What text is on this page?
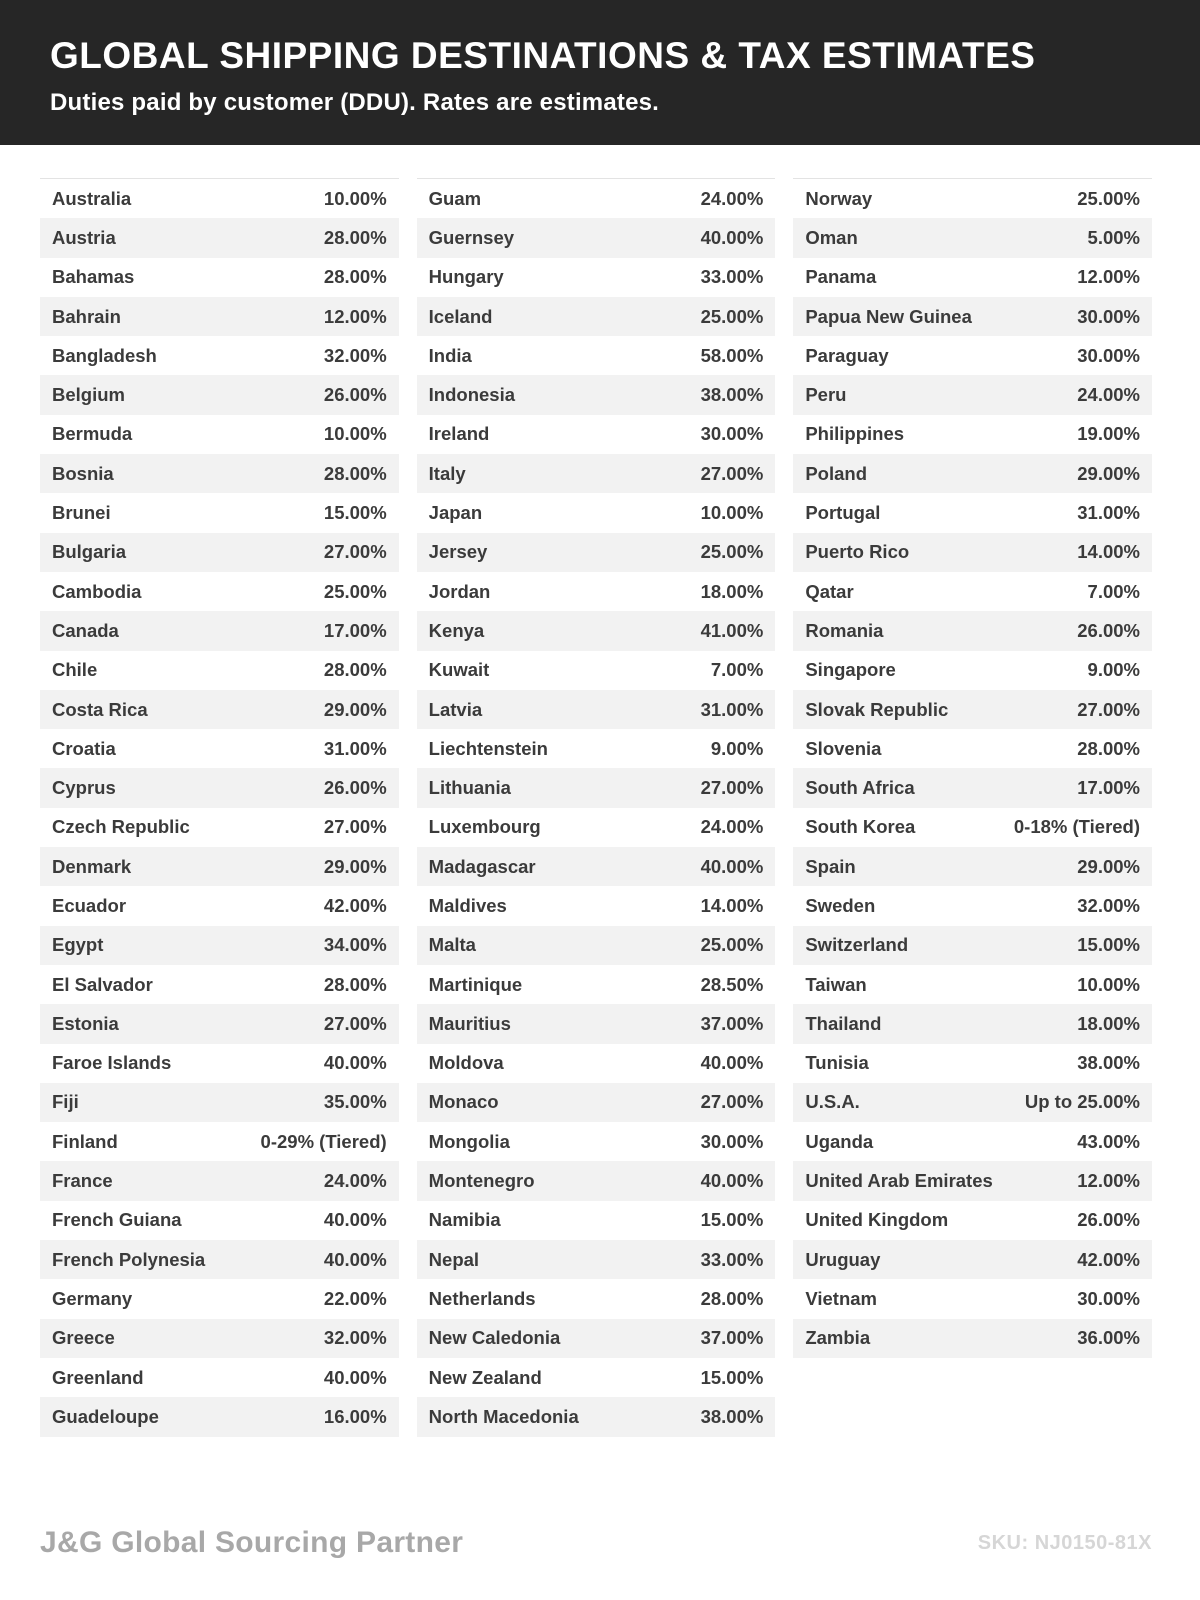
GLOBAL SHIPPING DESTINATIONS & TAX ESTIMATES

Duties paid by customer (DDU). Rates are estimates.

Australia	10.00%
Austria	28.00%
Bahamas	28.00%
Bahrain	12.00%
Bangladesh	32.00%
Belgium	26.00%
Bermuda	10.00%
Bosnia	28.00%
Brunei	15.00%
Bulgaria	27.00%
Cambodia	25.00%
Canada	17.00%
Chile	28.00%
Costa Rica	29.00%
Croatia	31.00%
Cyprus	26.00%
Czech Republic	27.00%
Denmark	29.00%
Ecuador	42.00%
Egypt	34.00%
El Salvador	28.00%
Estonia	27.00%
Faroe Islands	40.00%
Fiji	35.00%
Finland	0-29% (Tiered)
France	24.00%
French Guiana	40.00%
French Polynesia	40.00%
Germany	22.00%
Greece	32.00%
Greenland	40.00%
Guadeloupe	16.00%
Guam	24.00%
Guernsey	40.00%
Hungary	33.00%
Iceland	25.00%
India	58.00%
Indonesia	38.00%
Ireland	30.00%
Italy	27.00%
Japan	10.00%
Jersey	25.00%
Jordan	18.00%
Kenya	41.00%
Kuwait	7.00%
Latvia	31.00%
Liechtenstein	9.00%
Lithuania	27.00%
Luxembourg	24.00%
Madagascar	40.00%
Maldives	14.00%
Malta	25.00%
Martinique	28.50%
Mauritius	37.00%
Moldova	40.00%
Monaco	27.00%
Mongolia	30.00%
Montenegro	40.00%
Namibia	15.00%
Nepal	33.00%
Netherlands	28.00%
New Caledonia	37.00%
New Zealand	15.00%
North Macedonia	38.00%
Norway	25.00%
Oman	5.00%
Panama	12.00%
Papua New Guinea	30.00%
Paraguay	30.00%
Peru	24.00%
Philippines	19.00%
Poland	29.00%
Portugal	31.00%
Puerto Rico	14.00%
Qatar	7.00%
Romania	26.00%
Singapore	9.00%
Slovak Republic	27.00%
Slovenia	28.00%
South Africa	17.00%
South Korea	0-18% (Tiered)
Spain	29.00%
Sweden	32.00%
Switzerland	15.00%
Taiwan	10.00%
Thailand	18.00%
Tunisia	38.00%
U.S.A.	Up to 25.00%
Uganda	43.00%
United Arab Emirates	12.00%
United Kingdom	26.00%
Uruguay	42.00%
Vietnam	30.00%
Zambia	36.00%
J&G Global Sourcing Partner	SKU: NJ0150-81X
